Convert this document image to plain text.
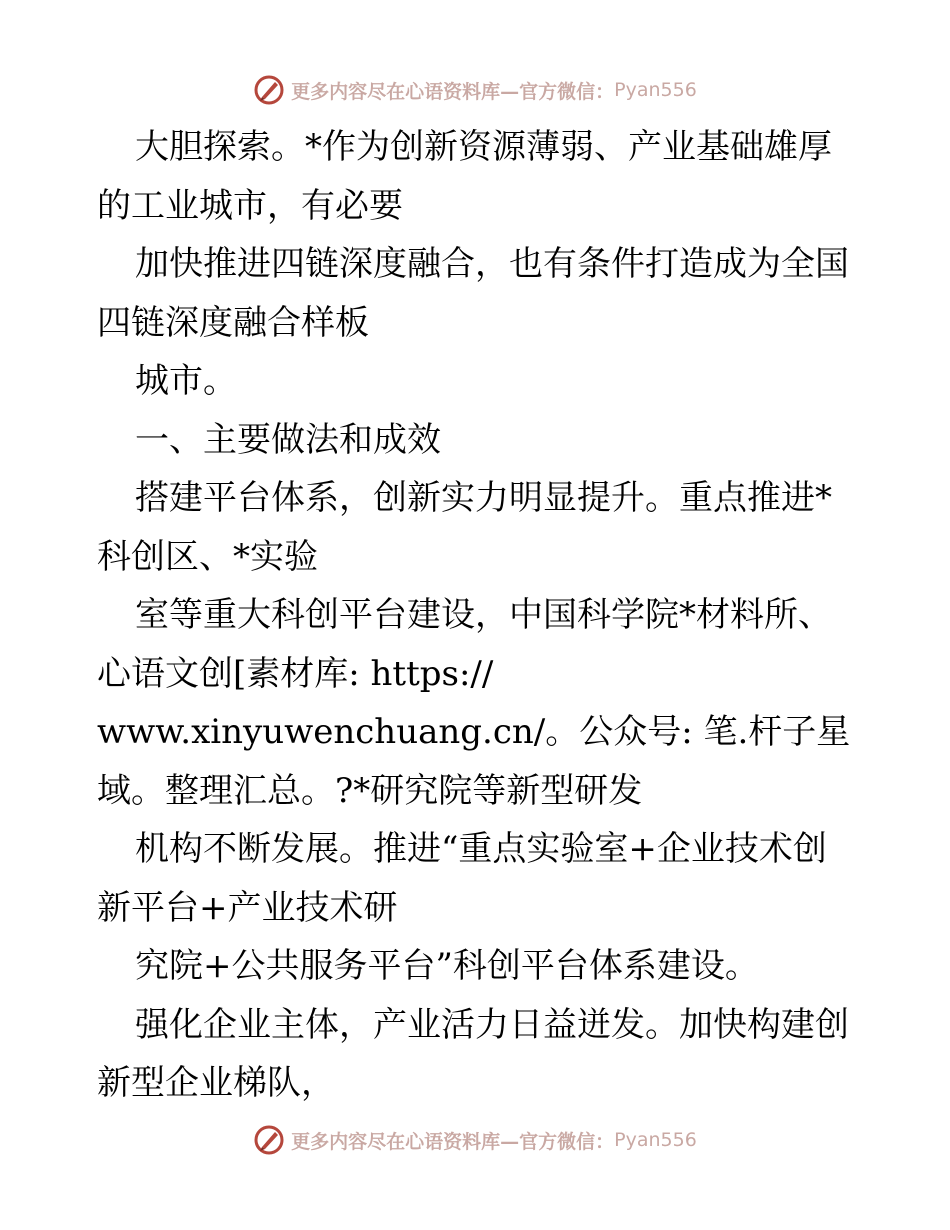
更多内容尽在心语资料库—官方微信： Pyan556
大胆探索。*作为创新资源薄弱、产业基础雄厚
的工业城市，有必要
加快推进四链深度融合，也有条件打造成为全国
四链深度融合样板
城市。
一、主要做法和成效
搭建平台体系，创新实力明显提升。重点推进*
科创区、*实验
室等重大科创平台建设，中国科学院*材料所、
心语文创[素材库: https://
www.xinyuwenchuang.cn/。公众号: 笔.杆子星
域。整理汇总。?*研究院等新型研发
机构不断发展。推进“重点实验室+企业技术创
新平台+产业技术研
究院+公共服务平台”科创平台体系建设。
强化企业主体，产业活力日益迸发。加快构建创
新型企业梯队，
更多内容尽在心语资料库—官方微信： Pyan556
